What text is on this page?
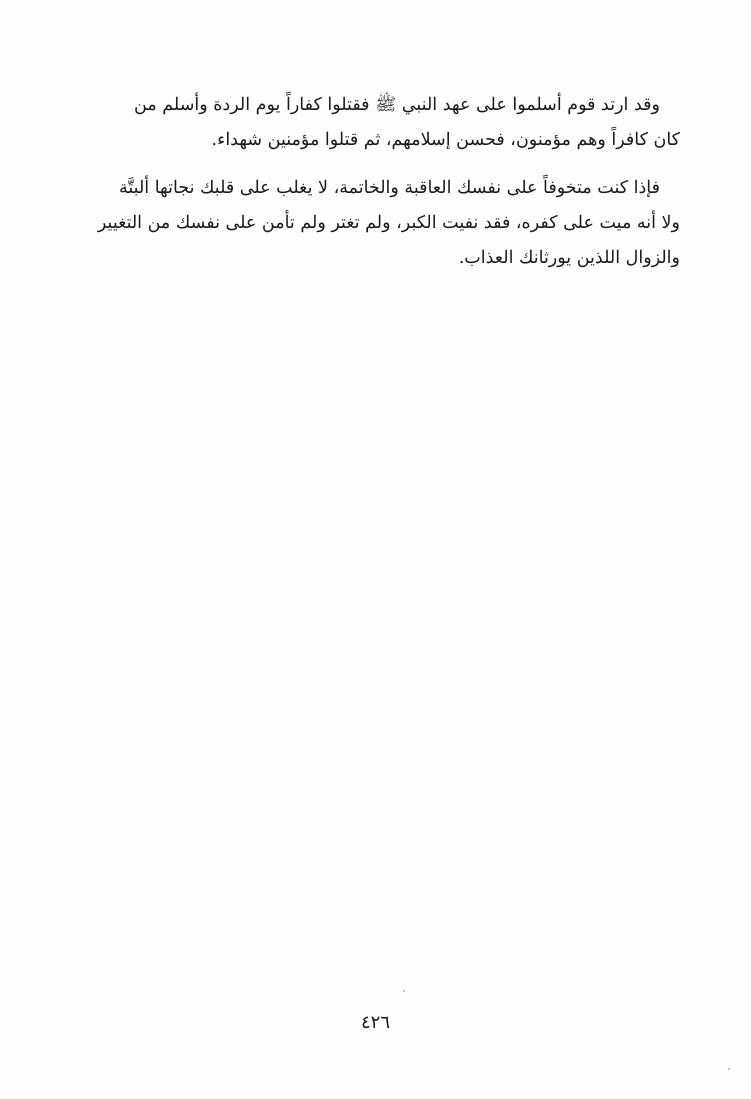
وقد ارتد قوم أسلموا على عهد النبي ﷺ فقتلوا كفاراً يوم الردة وأسلم من
كان كافراً وهم مؤمنون، فحسن إسلامهم، ثم قتلوا مؤمنين شهداء.
فإذا كنت متخوفاً على نفسك العاقبة والخاتمة، لا يغلب على قلبك نجاتها ألبتَّة
ولا أنه ميت على كفره، فقد نفيت الكبر، ولم تغتر ولم تأمن على نفسك من التغيير
والزوال اللذين يورثانك العذاب.
٤٢٦
